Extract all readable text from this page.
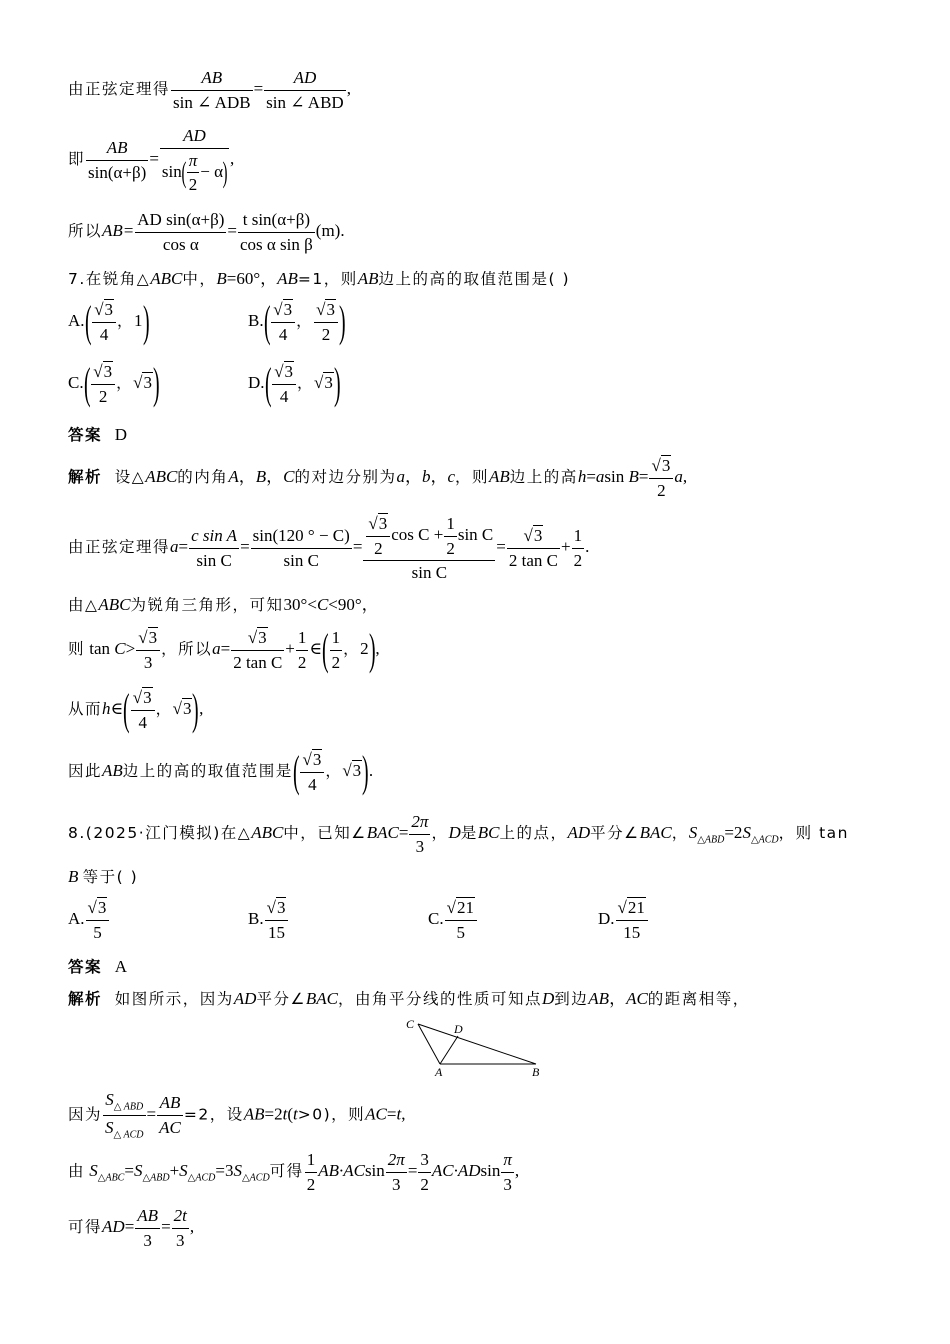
由正弦定理得 $\frac{AB}{\text{sin ∠ ADB}} = \frac{AD}{\text{sin ∠ ABD}}$ ,
即 $\frac{AB}{\sin(\alpha+\beta)} = \frac{AD}{\sin( \frac{\pi}{2} - \alpha)}$ ,
所以$AB= \frac{\text{AD sin(α+β)}}{\text{cos α}} = \frac{\text{t sin(α+β)}}{\text{cos α sin β}} (m)$.
7.在锐角△ABC中，B=60°，AB=1，则AB边上的高的取值范围是( )
$A.( \frac{√3}{4}$ ，1)	$B.( \frac{√3}{4}$ ， $\frac{√3}{2}$ )
$C.( \frac{√3}{2}$ ，√3)	$D.( \frac{√3}{4}$ ，√3)
答案 D
解析 设△ABC的内角A，B，C的对边分别为a，b，c，则AB边上的高h=asin $B= \frac{√3}{2} a$,
由正弦定理得$a= \frac{\text{c sin A}}{\text{sin C}} = \frac{\sin(120 ^\circ - C)}{\text{sin C}} = \frac{\frac{√3}{2} \cos C + \frac{1}{2} \sin C}{\text{sin C}} = \frac{√3}{\text{2 tan C}} + \frac{1}{2}$ .
由△ABC为锐角三角形，可知30°<C<90°，
则 $\tan C> \frac{√3}{3}$ ，所以$a= \frac{√3}{\text{2 tan C}} + \frac{1}{2}$ ∈( $\frac{1}{2}$ ，2),
从而h∈( $\frac{√3}{4}$ ，√3),
因此AB边上的高的取值范围是( $\frac{√3}{4}$ ，√3).
8.(2025·江门模拟)在△ABC中，已知∠BAC= $\frac{2\pi}{3}$ ，D是BC上的点，AD平分∠BAC，$S_{\triangle ABD}=2S_{\triangle ACD}$，则 tan
B 等于( )
A. $\frac{√3}{5}$	B. $\frac{√3}{15}$	C. $\frac{√21}{5}$	D. $\frac{√21}{15}$
答案 A
解析 如图所示，因为AD平分∠BAC，由角平分线的性质可知点D到边AB，AC的距离相等，
C	D
A	B
因为 $\frac{S_{\triangle ABD}}{S_{\triangle ACD}} = \frac{AB}{AC} =2$，设AB=2t(t>0)，则AC=t,
由 $S_{\triangle ABC}=S_{\triangle ABD}+S_{\triangle ACD}=3S_{\triangle ACD}$可得 $\frac{1}{2} AB\cdot ACsin \frac{2\pi}{3} = \frac{3}{2} AC\cdot ADsin \frac{\pi}{3}$ ,
可得$AD= \frac{AB}{3} = \frac{2t}{3}$ ,
